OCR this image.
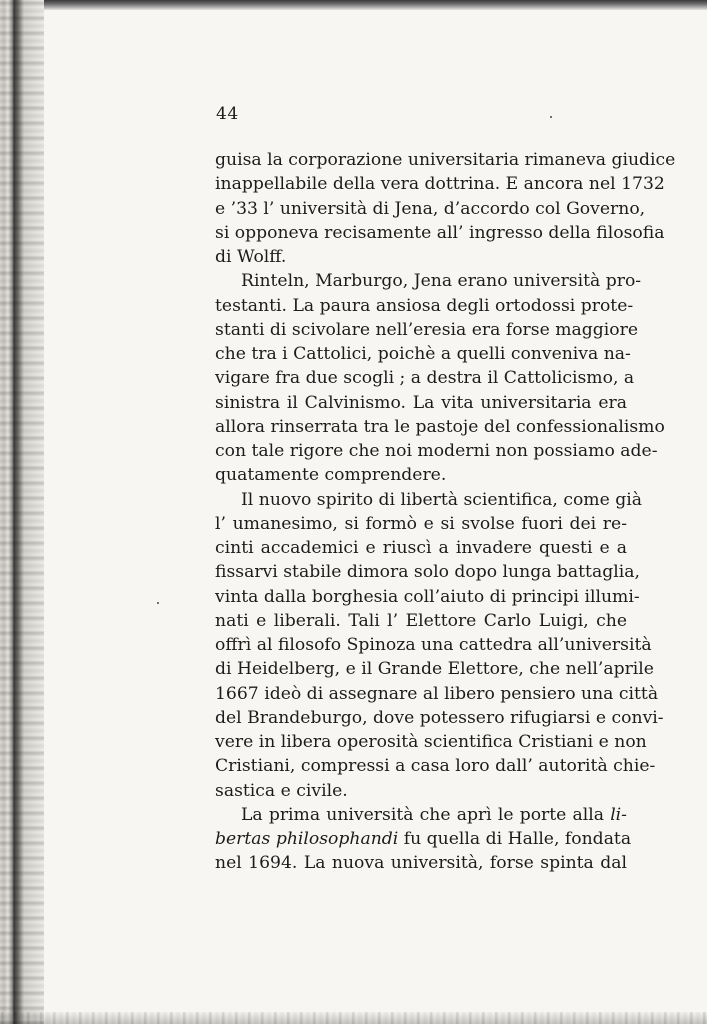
44
guisa la corporazione universitaria rimaneva giudice
inappellabile della vera dottrina. E ancora nel 1732
e ’33 l’ università di Jena, d’accordo col Governo,
si opponeva recisamente all’ ingresso della filosofia
di Wolff.
Rinteln, Marburgo, Jena erano università pro-
testanti. La paura ansiosa degli ortodossi prote-
stanti di scivolare nell’eresia era forse maggiore
che tra i Cattolici, poichè a quelli conveniva na-
vigare fra due scogli ; a destra il Cattolicismo, a
sinistra il Calvinismo. La vita universitaria era
allora rinserrata tra le pastoje del confessionalismo
con tale rigore che noi moderni non possiamo ade-
quatamente comprendere.
Il nuovo spirito di libertà scientifica, come già
l’ umanesimo, si formò e si svolse fuori dei re-
cinti accademici e riuscì a invadere questi e a
fissarvi stabile dimora solo dopo lunga battaglia,
vinta dalla borghesia coll’aiuto di principi illumi-
nati e liberali. Tali l’ Elettore Carlo Luigi, che
offrì al filosofo Spinoza una cattedra all’università
di Heidelberg, e il Grande Elettore, che nell’aprile
1667 ideò di assegnare al libero pensiero una città
del Brandeburgo, dove potessero rifugiarsi e convi-
vere in libera operosità scientifica Cristiani e non
Cristiani, compressi a casa loro dall’ autorità chie-
sastica e civile.
La prima università che aprì le porte alla li-
bertas philosophandi fu quella di Halle, fondata
nel 1694. La nuova università, forse spinta dal
